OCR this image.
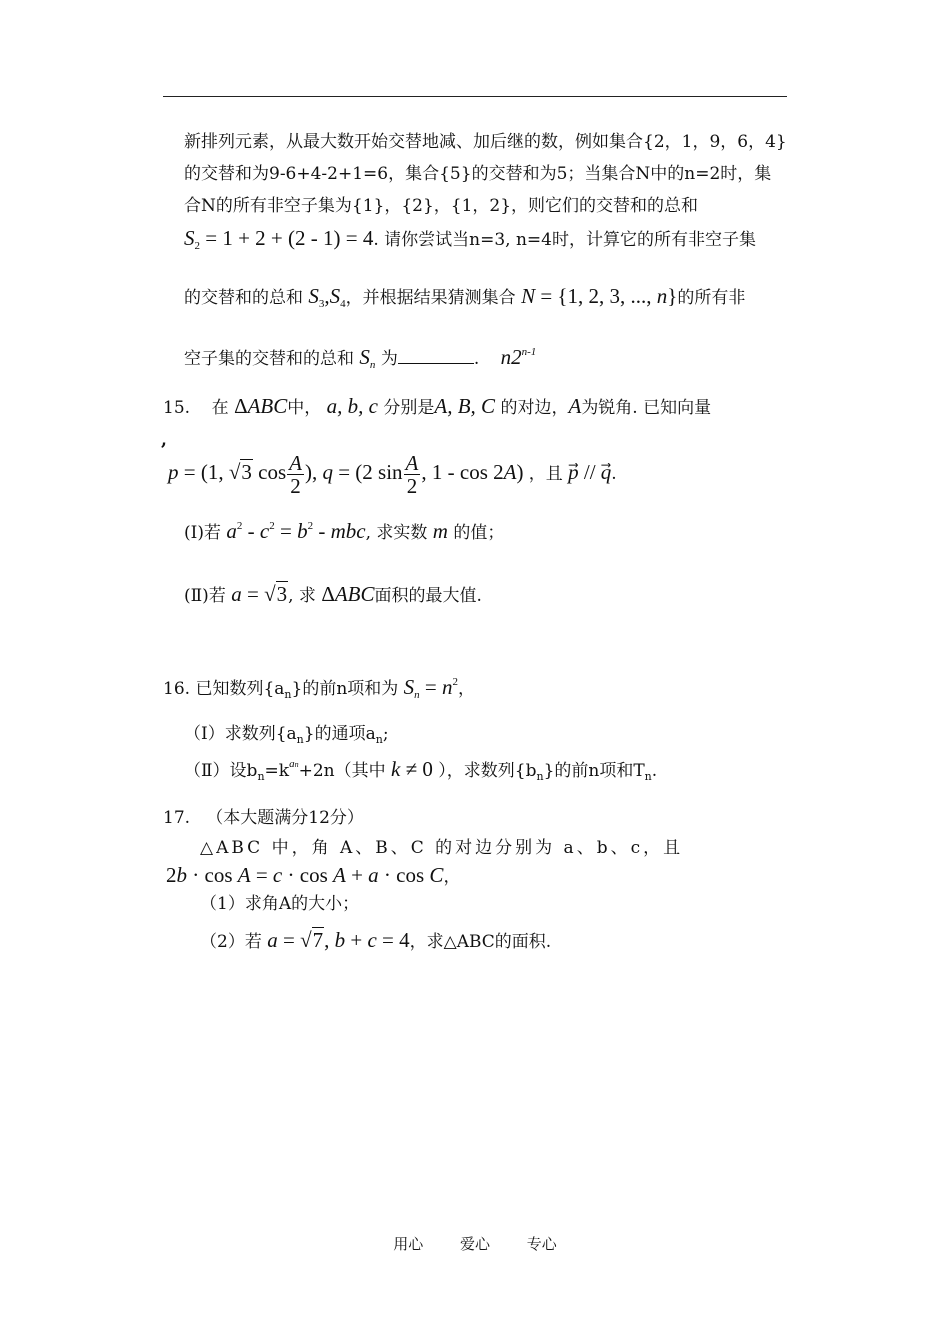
新排列元素，从最大数开始交替地减、加后继的数，例如集合{2，1，9，6，4}
的交替和为9-6+4-2+1=6，集合{5}的交替和为5；当集合N中的n=2时，集
合N的所有非空子集为{1}，{2}，{1，2}，则它们的交替和的总和
S2 = 1 + 2 + (2 - 1) = 4. 请你尝试当n=3, n=4时，计算它的所有非空子集
的交替和的总和 S3,S4，并根据结果猜测集合 N = {1, 2, 3, ..., n}的所有非
空子集的交替和的总和 $S_n$ 为	. n2$^{n-1}$
15. 在 ΔABC中， a, b, c 分别是A, B, C 的对边，A为锐角. 已知向量
,
p = (1, √3 $\cos \frac{A}{2}$ ), q = (2 $\sin \frac{A}{2}$ , 1 - cos 2A) ，且 p⃗ // q.
(Ⅰ)若 $a^2 - c^2 = b^2$ - mbc, 求实数 m 的值；
(Ⅱ)若 a = √3, 求 ΔABC面积的最大值.
16. 已知数列$\{a_n\}$的前n项和为 $S_n = n^2$，
（Ⅰ）求数列$\{a_n\}$的通项$a_n$;
（Ⅱ）设$b_n=k^{an}+2n$（其中 k ≠ 0 ），求数列$\{b_n\}$的前n项和$T_n$.
17. （本大题满分12分）
△ABC 中，角 A、B、C 的对边分别为 a、b、c，且
2b · cos A = c · cos A + a · cos C，
（1）求角A的大小；
（2）若 a = √7, b + c = 4，求△ABC的面积.
用心 爱心 专心
